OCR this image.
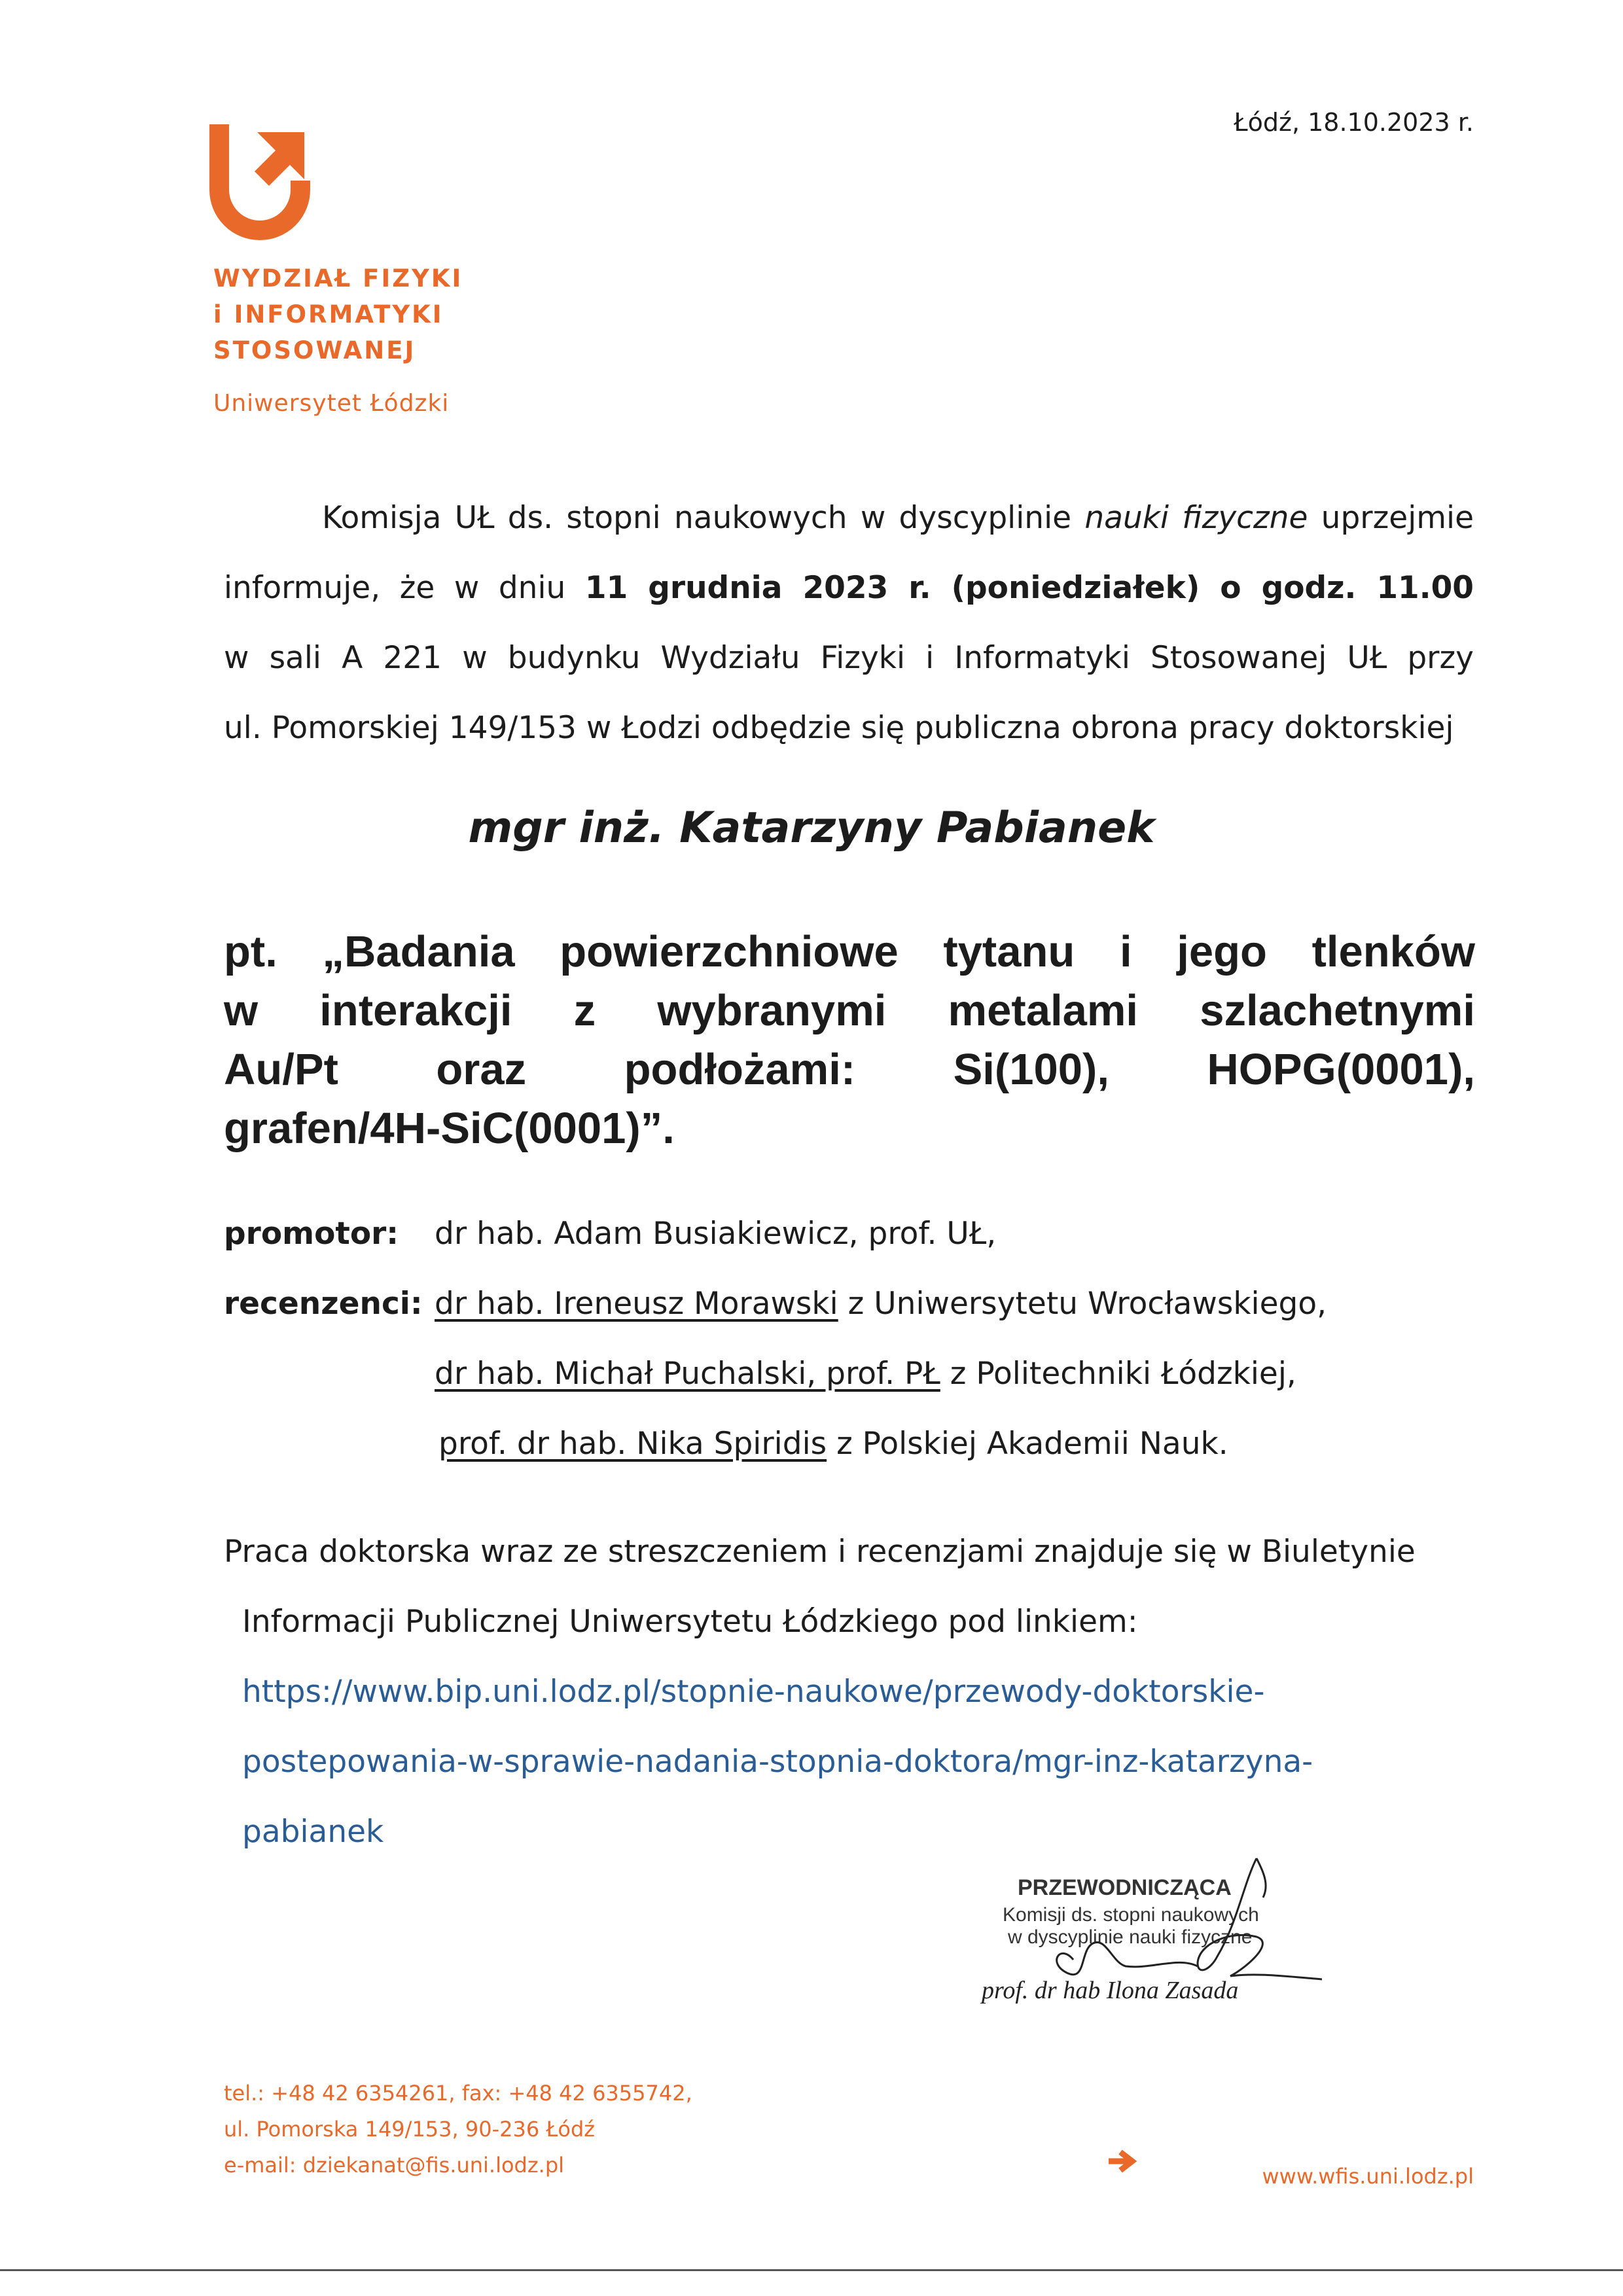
WYDZIAŁ FIZYKI
i INFORMATYKI
STOSOWANEJ
Uniwersytet Łódzki
Łódź, 18.10.2023 r.

Komisja UŁ ds. stopni naukowych w dyscyplinie nauki fizyczne uprzejmie

informuje, że w dniu 11 grudnia 2023 r. (poniedziałek) o godz. 11.00

w sali A 221 w budynku Wydziału Fizyki i Informatyki Stosowanej UŁ przy

ul. Pomorskiej 149/153 w Łodzi odbędzie się publiczna obrona pracy doktorskiej

mgr inż. Katarzyny Pabianek
pt. „Badania powierzchniowe tytanu i jego tlenków
w interakcji z wybranymi metalami szlachetnymi
Au/Pt oraz podłożami: Si(100), HOPG(0001),
grafen/4H-SiC(0001)”.
promotor: dr hab. Adam Busiakiewicz, prof. UŁ,
recenzenci: dr hab. Ireneusz Morawski z Uniwersytetu Wrocławskiego,
dr hab. Michał Puchalski, prof. PŁ z Politechniki Łódzkiej,
prof. dr hab. Nika Spiridis z Polskiej Akademii Nauk.
Praca doktorska wraz ze streszczeniem i recenzjami znajduje się w Biuletynie
Informacji Publicznej Uniwersytetu Łódzkiego pod linkiem:
https://www.bip.uni.lodz.pl/stopnie-naukowe/przewody-doktorskie-
postepowania-w-sprawie-nadania-stopnia-doktora/mgr-inz-katarzyna-
pabianek
PRZEWODNICZĄCA
Komisji ds. stopni naukowych
w dyscyplinie nauki fizyczne
prof. dr hab Ilona Zasada
tel.: +48 42 6354261, fax: +48 42 6355742,
ul. Pomorska 149/153, 90-236 Łódź
e-mail: dziekanat@fis.uni.lodz.pl	www.wfis.uni.lodz.pl
